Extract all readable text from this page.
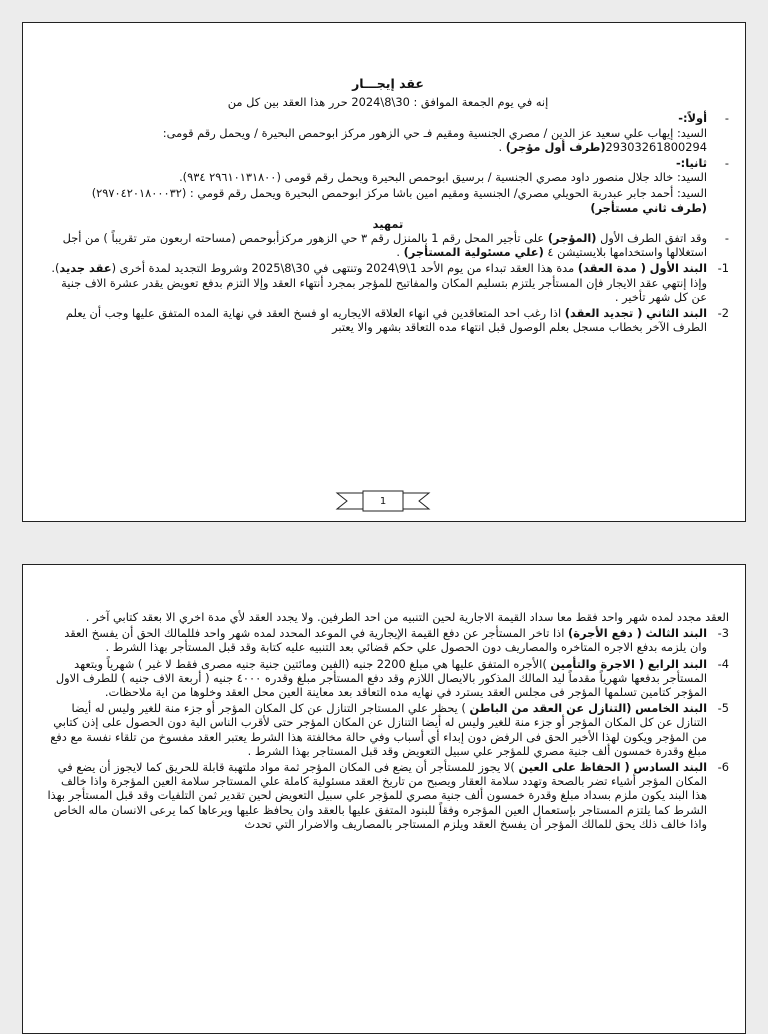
عقد إيجـــار

إنه في يوم الجمعة الموافق : 30\8\2024 حرر هذا العقد بين كل من

-
أولاً:-

السيد: إيهاب علي سعيد عز الدين / مصري الجنسية ومقيم فـ حي الزهور مركز ابوحمص البحيرة / ويحمل رقم قومى: 29303261800294(طرف أول مؤجر) .

-
ثانيا:-

السيد: خالد جلال منصور داود مصري الجنسية / برسيق ابوحمص البحيرة ويحمل رقم قومى (٢٩٦١٠١٣١٨٠٠ ٩٣٤).

السيد: أحمد جابر عبدربة الحويلي مصري/ الجنسية ومقيم امين باشا مركز ابوحمص البحيرة ويحمل رقم قومي : (٢٩٧٠٤٢٠١٨٠٠٠٣٢)

(طرف ثاني مستأجر)

تمهيد

-
وقد اتفق الطرف الأول (المؤجر) على تأجير المحل رقم 1 بالمنزل رقم ٣ حي الزهور مركزأبوحمص (مساحته اربعون متر تقريباً ) من أجل استغلالها واستخدامها بلايستيشن ٤ (علي مسئولية المستأجر) .
1-
البند الأول ( مدة العقد) مدة هذا العقد تبداء من يوم الأحد 1\9\2024 وتنتهى في 30\8\2025 وشروط التجديد لمدة أخرى (عقد جديد).

وإذا إنتهي عقد الايجار فإن المستأجر يلتزم بتسليم المكان والمفاتيح للمؤجر بمجرد أنتهاء العقد وإلا التزم بدفع تعويض يقدر عشرة الاف جنية عن كل شهر تأخير .

2-
البند الثاني ( تجديد العقد) اذا رغب احد المتعاقدين في انهاء العلاقه الايجاريه او فسخ العقد في نهاية المده المتفق عليها وجب أن يعلم الطرف الآخر بخطاب مسجل بعلم الوصول قبل انتهاء مده التعاقد بشهر والا يعتبر
1

العقد مجدد لمده شهر واحد فقط معا سداد القيمة الاجارية لحين التنبيه من احد الطرفين. ولا يجدد العقد لأي مدة اخري الا بعقد كتابي آخر .

3-
البند الثالث ( دفع الأجرة) اذا تاخر المستأجر عن دفع القيمة الإيجارية في الموعد المحدد لمده شهر واحد فللمالك الحق أن يفسخ العقد وان يلزمه بدفع الاجره المتاخره والمصاريف دون الحصول علي حكم قضائي بعد التنبيه عليه كتابة وقد قبل المستأجر بهذا الشرط .
4-
البند الرابع ( الاجرة والتأمين )الأجره المتفق عليها هي مبلغ 2200 جنيه (الفين ومائتين جنية جنيه مصرى فقط لا غير ) شهرياً ويتعهد المستأجر بدفعها شهرياً مقدماً ليد المالك المذكور بالايصال اللازم وقد دفع المستأجر مبلغ وقدره ٤٠٠٠ جنيه ( أربعة الاف جنيه ) للطرف الاول المؤجر كتامين تسلمها المؤجر فى مجلس العقد يسترد في نهايه مده التعاقد بعد معاينة العين محل العقد وخلوها من اية ملاحظات.
5-
البند الخامس (التنازل عن العقد من الباطن ) يحظر علي المستاجر التنازل عن كل المكان المؤجر أو جزء منة للغير وليس له أيضا التنازل عن كل المكان المؤجر أو جزء منة للغير وليس له أيضا التنازل عن المكان المؤجر حتى لأقرب الناس الية دون الحصول على إذن كتابي من المؤجر ويكون لهذا الأخير الحق فى الرفض دون إبداء أي أسباب وفي حالة مخالفتة هذا الشرط يعتبر العقد مفسوخ من تلقاء نفسة مع دفع مبلغ وقدرة خمسون ألف جنية مصري للمؤجر علي سبيل التعويض وقد قبل المستاجر بهذا الشرط .
6-
البند السادس ( الحفاظ على العين )لا يجوز للمستأجر أن يضع فى المكان المؤجر ثمة مواد ملتهبة قابلة للحريق كما لايجوز أن يضع في المكان المؤجر أشياء تضر بالصحة وتهدد سلامة العقار ويصبح من تاريخ العقد مسئولية كاملة علي المستاجر سلامة العين المؤجرة واذا خالف هذا البند يكون ملزم بسداد مبلغ وقدرة خمسون ألف جنية مصري للمؤجر علي سبيل التعويض لحين تقدير ثمن التلفيات وقد قبل المستأجر بهذا الشرط كما يلتزم المستاجر بإستعمال العين المؤجره وفقاً للبنود المتفق عليها بالعقد وان يحافظ عليها ويرعاها كما يرعى الانسان ماله الخاص واذا خالف ذلك يحق للمالك المؤجر أن يفسخ العقد ويلزم المستاجر بالمصاريف والاضرار التي تحدث
